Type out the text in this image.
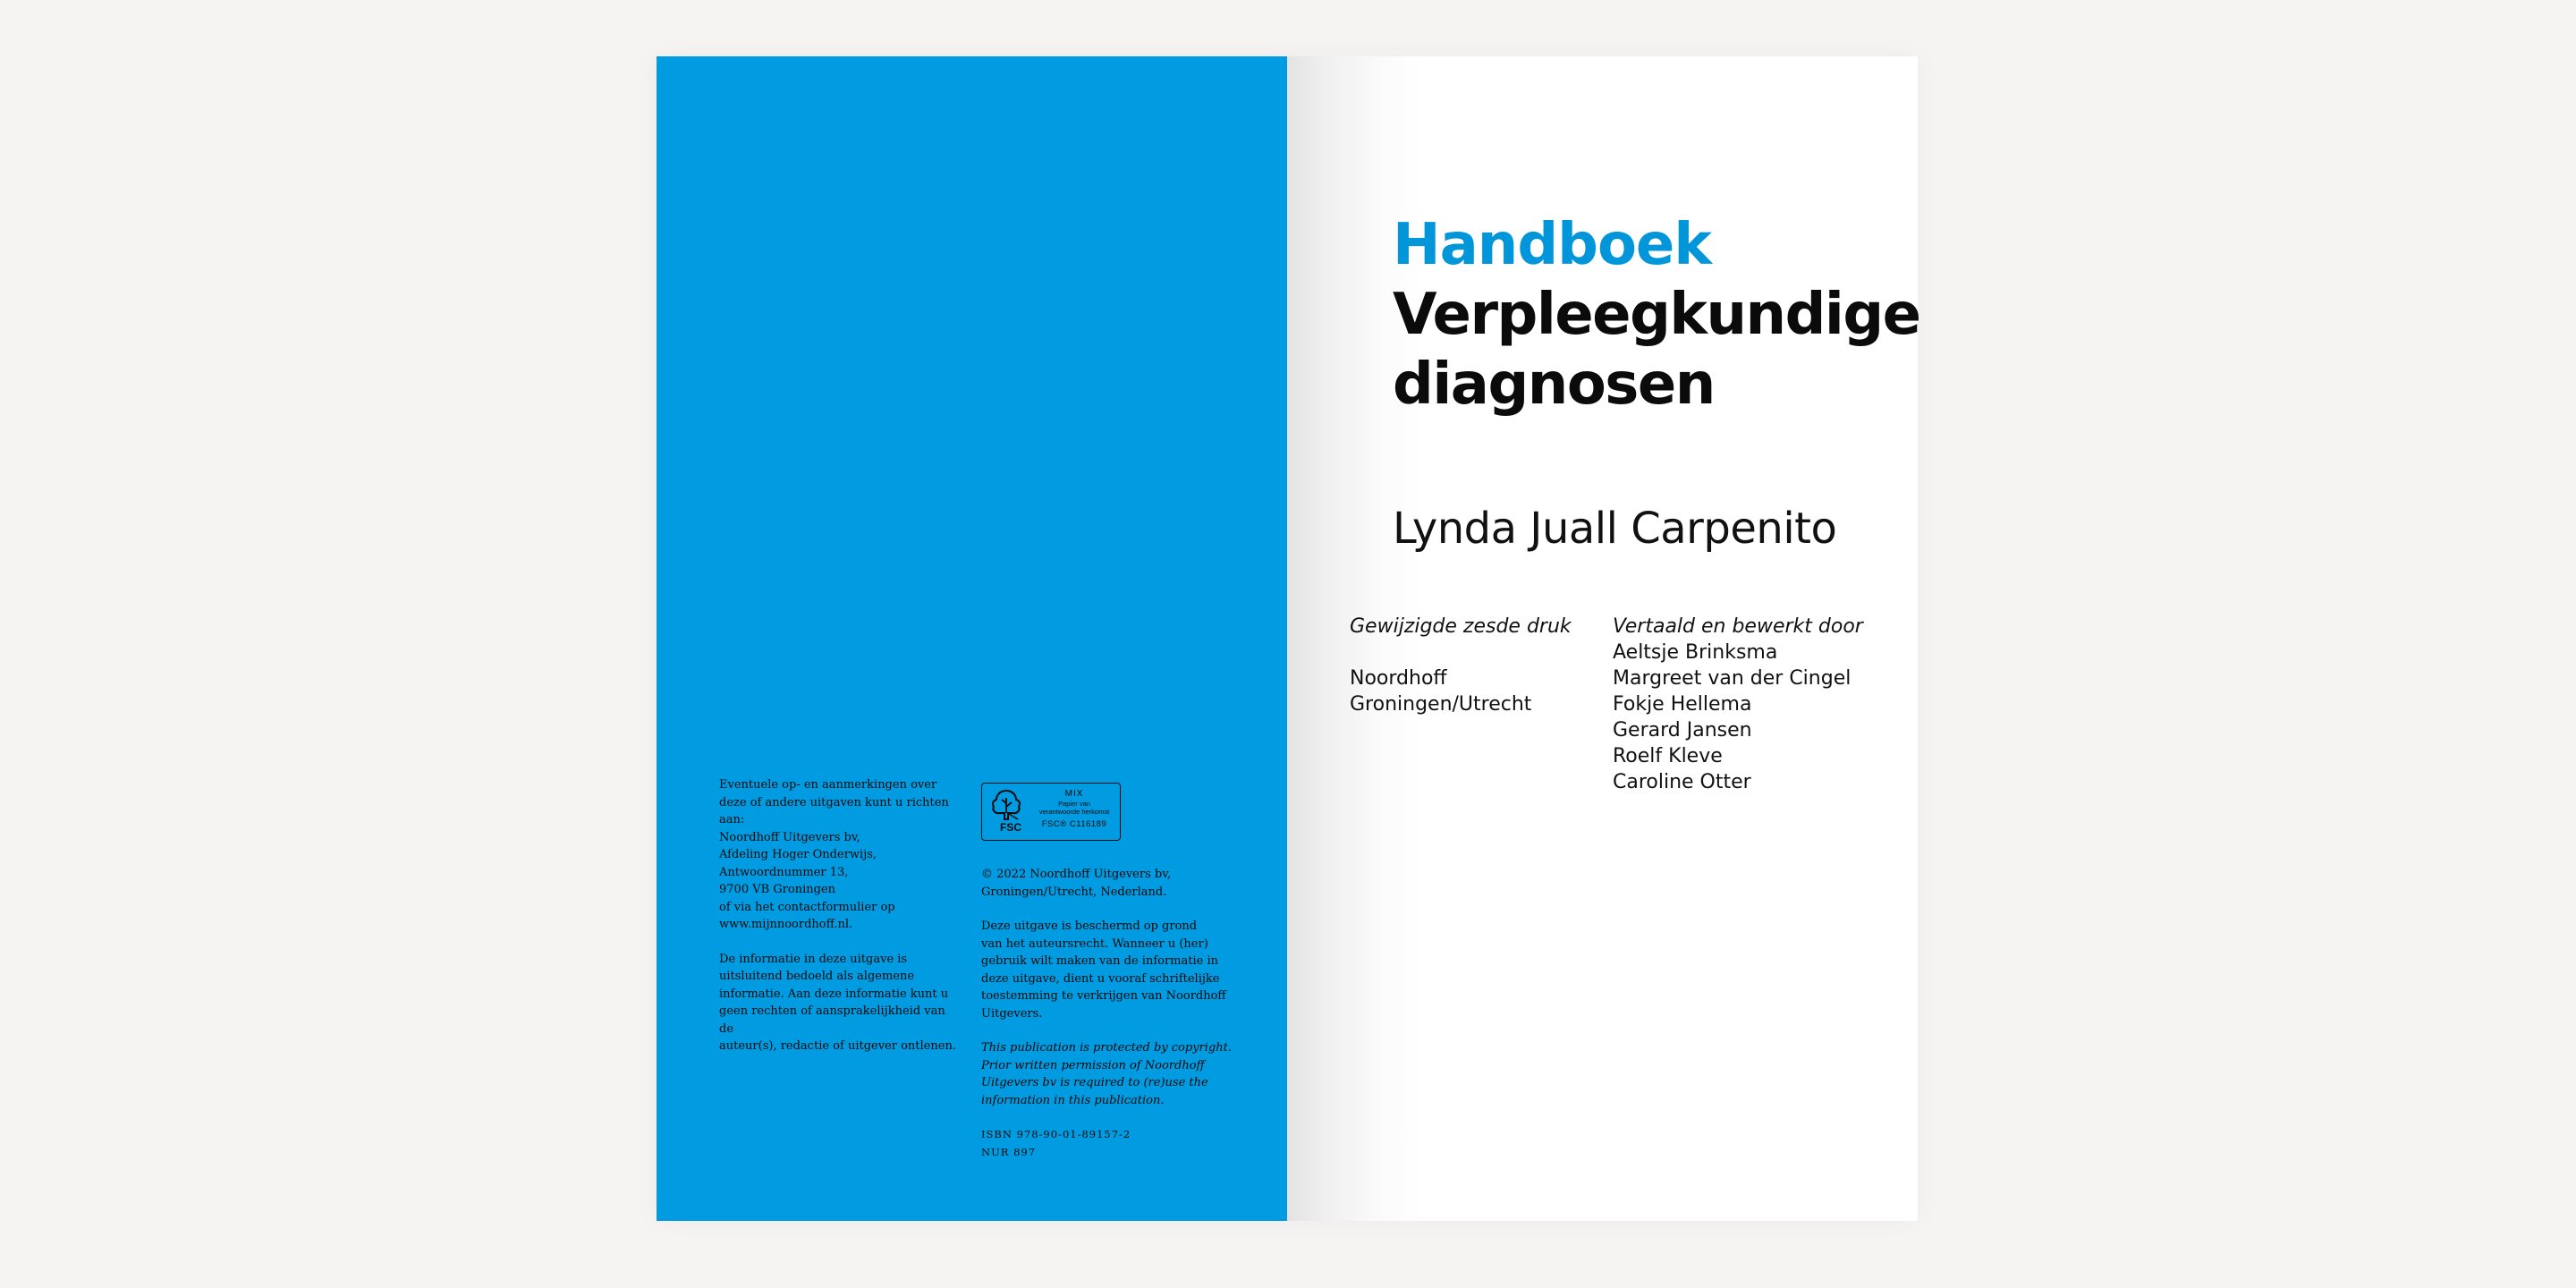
Eventuele op- en aanmerkingen over
deze of andere uitgaven kunt u richten
aan:
Noordhoff Uitgevers bv,
Afdeling Hoger Onderwijs,
Antwoordnummer 13,
9700 VB Groningen
of via het contactformulier op
www.mijnnoordhoff.nl.

De informatie in deze uitgave is
uitsluitend bedoeld als algemene
informatie. Aan deze informatie kunt u
geen rechten of aansprakelijkheid van de
auteur(s), redactie of uitgever ontlenen.

FSC
MIX
Papier van
verantwoorde herkomst
FSC® C116189

© 2022 Noordhoff Uitgevers bv,
Groningen/Utrecht, Nederland.

Deze uitgave is beschermd op grond
van het auteursrecht. Wanneer u (her)
gebruik wilt maken van de informatie in
deze uitgave, dient u vooraf schriftelijke
toestemming te verkrijgen van Noordhoff
Uitgevers.

This publication is protected by copyright.
Prior written permission of Noordhoff
Uitgevers bv is required to (re)use the
information in this publication.

ISBN 978-90-01-89157-2
NUR 897

Handboek
Verpleegkundige
diagnosen
Lynda Juall Carpenito
Gewijzigde zesde druk
Noordhoff
Groningen/Utrecht
Vertaald en bewerkt door
Aeltsje Brinksma
Margreet van der Cingel
Fokje Hellema
Gerard Jansen
Roelf Kleve
Caroline Otter
